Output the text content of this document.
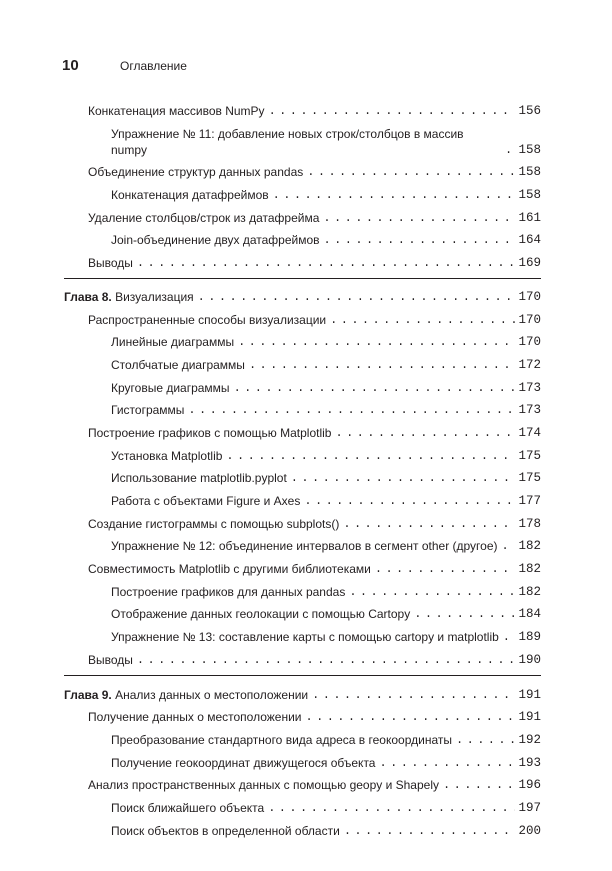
10	Оглавление
Конкатенация массивов NumPy . . .	156
Упражнение № 11: добавление новых строк/столбцов в массив numpy . . .	158
Объединение структур данных pandas . . .	158
Конкатенация датафреймов . . .	158
Удаление столбцов/строк из датафрейма . . .	161
Join-объединение двух датафреймов . . .	164
Выводы . . .	169
Глава 8. Визуализация . . .	170
Распространенные способы визуализации . . .	170
Линейные диаграммы . . .	170
Столбчатые диаграммы . . .	172
Круговые диаграммы . . .	173
Гистограммы . . .	173
Построение графиков с помощью Matplotlib . . .	174
Установка Matplotlib . . .	175
Использование matplotlib.pyplot . . .	175
Работа с объектами Figure и Axes . . .	177
Создание гистограммы с помощью subplots() . . .	178
Упражнение № 12: объединение интервалов в сегмент other (другое) . . . 182
Совместимость Matplotlib с другими библиотеками . . .	182
Построение графиков для данных pandas . . .	182
Отображение данных геолокации с помощью Cartopy . . .	184
Упражнение № 13: составление карты с помощью cartopy и matplotlib . . . 189
Выводы . . .	190
Глава 9. Анализ данных о местоположении . . .	191
Получение данных о местоположении . . .	191
Преобразование стандартного вида адреса в геокоординаты . . .	192
Получение геокоординат движущегося объекта . . .	193
Анализ пространственных данных с помощью geopy и Shapely . . .	196
Поиск ближайшего объекта . . .	197
Поиск объектов в определенной области . . .	200
